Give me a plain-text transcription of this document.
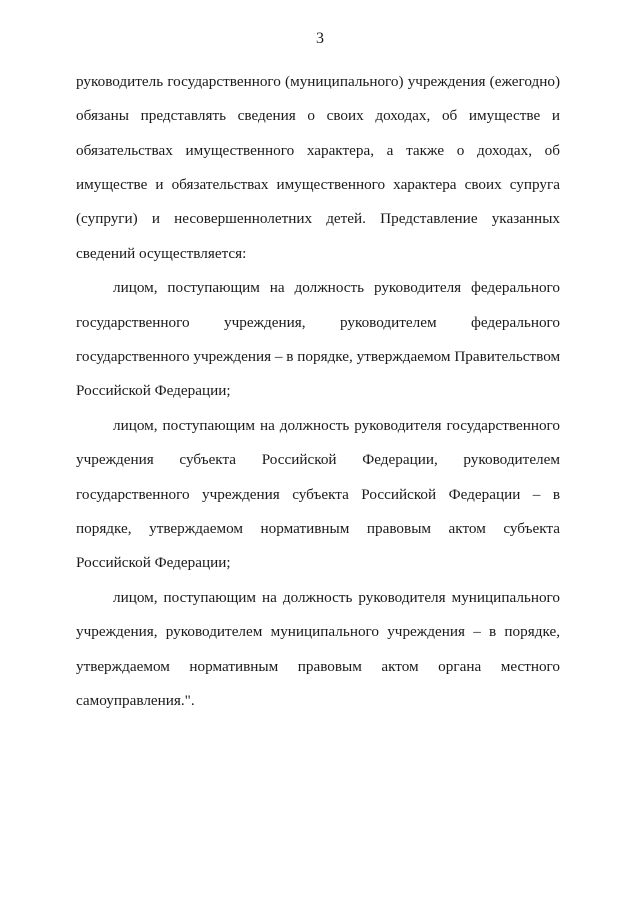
3
руководитель государственного (муниципального) учреждения (ежегодно)
обязаны представлять сведения о своих доходах, об имуществе и
обязательствах имущественного характера, а также о доходах, об
имуществе и обязательствах имущественного характера своих супруга
(супруги) и несовершеннолетних детей. Представление указанных
сведений осуществляется:
лицом, поступающим на должность руководителя федерального
государственного учреждения, руководителем федерального
государственного учреждения – в порядке, утверждаемом Правительством
Российской Федерации;
лицом, поступающим на должность руководителя государственного
учреждения субъекта Российской Федерации, руководителем
государственного учреждения субъекта Российской Федерации – в
порядке, утверждаемом нормативным правовым актом субъекта
Российской Федерации;
лицом, поступающим на должность руководителя муниципального
учреждения, руководителем муниципального учреждения – в порядке,
утверждаемом нормативным правовым актом органа местного
самоуправления.".
